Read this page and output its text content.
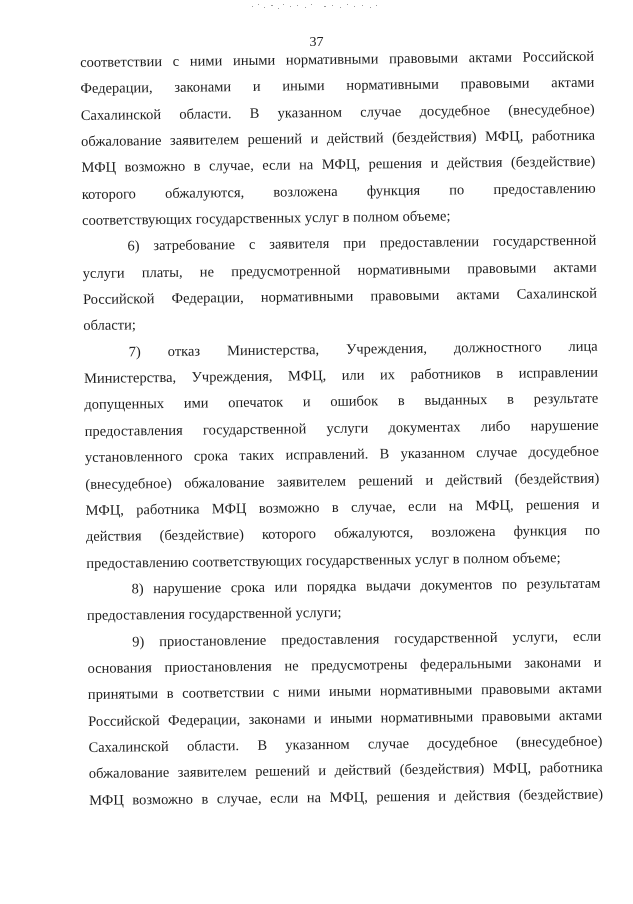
37

соответствии с ними иными нормативными правовыми актами Российской
Федерации, законами и иными нормативными правовыми актами
Сахалинской области. В указанном случае досудебное (внесудебное)
обжалование заявителем решений и действий (бездействия) МФЦ, работника
МФЦ возможно в случае, если на МФЦ, решения и действия (бездействие)
которого обжалуются, возложена функция по предоставлению
соответствующих государственных услуг в полном объеме;
6) затребование с заявителя при предоставлении государственной
услуги платы, не предусмотренной нормативными правовыми актами
Российской Федерации, нормативными правовыми актами Сахалинской
области;
7) отказ Министерства, Учреждения, должностного лица
Министерства, Учреждения, МФЦ, или их работников в исправлении
допущенных ими опечаток и ошибок в выданных в результате
предоставления государственной услуги документах либо нарушение
установленного срока таких исправлений. В указанном случае досудебное
(внесудебное) обжалование заявителем решений и действий (бездействия)
МФЦ, работника МФЦ возможно в случае, если на МФЦ, решения и
действия (бездействие) которого обжалуются, возложена функция по
предоставлению соответствующих государственных услуг в полном объеме;
8) нарушение срока или порядка выдачи документов по результатам
предоставления государственной услуги;
9) приостановление предоставления государственной услуги, если
основания приостановления не предусмотрены федеральными законами и
принятыми в соответствии с ними иными нормативными правовыми актами
Российской Федерации, законами и иными нормативными правовыми актами
Сахалинской области. В указанном случае досудебное (внесудебное)
обжалование заявителем решений и действий (бездействия) МФЦ, работника
МФЦ возможно в случае, если на МФЦ, решения и действия (бездействие)
